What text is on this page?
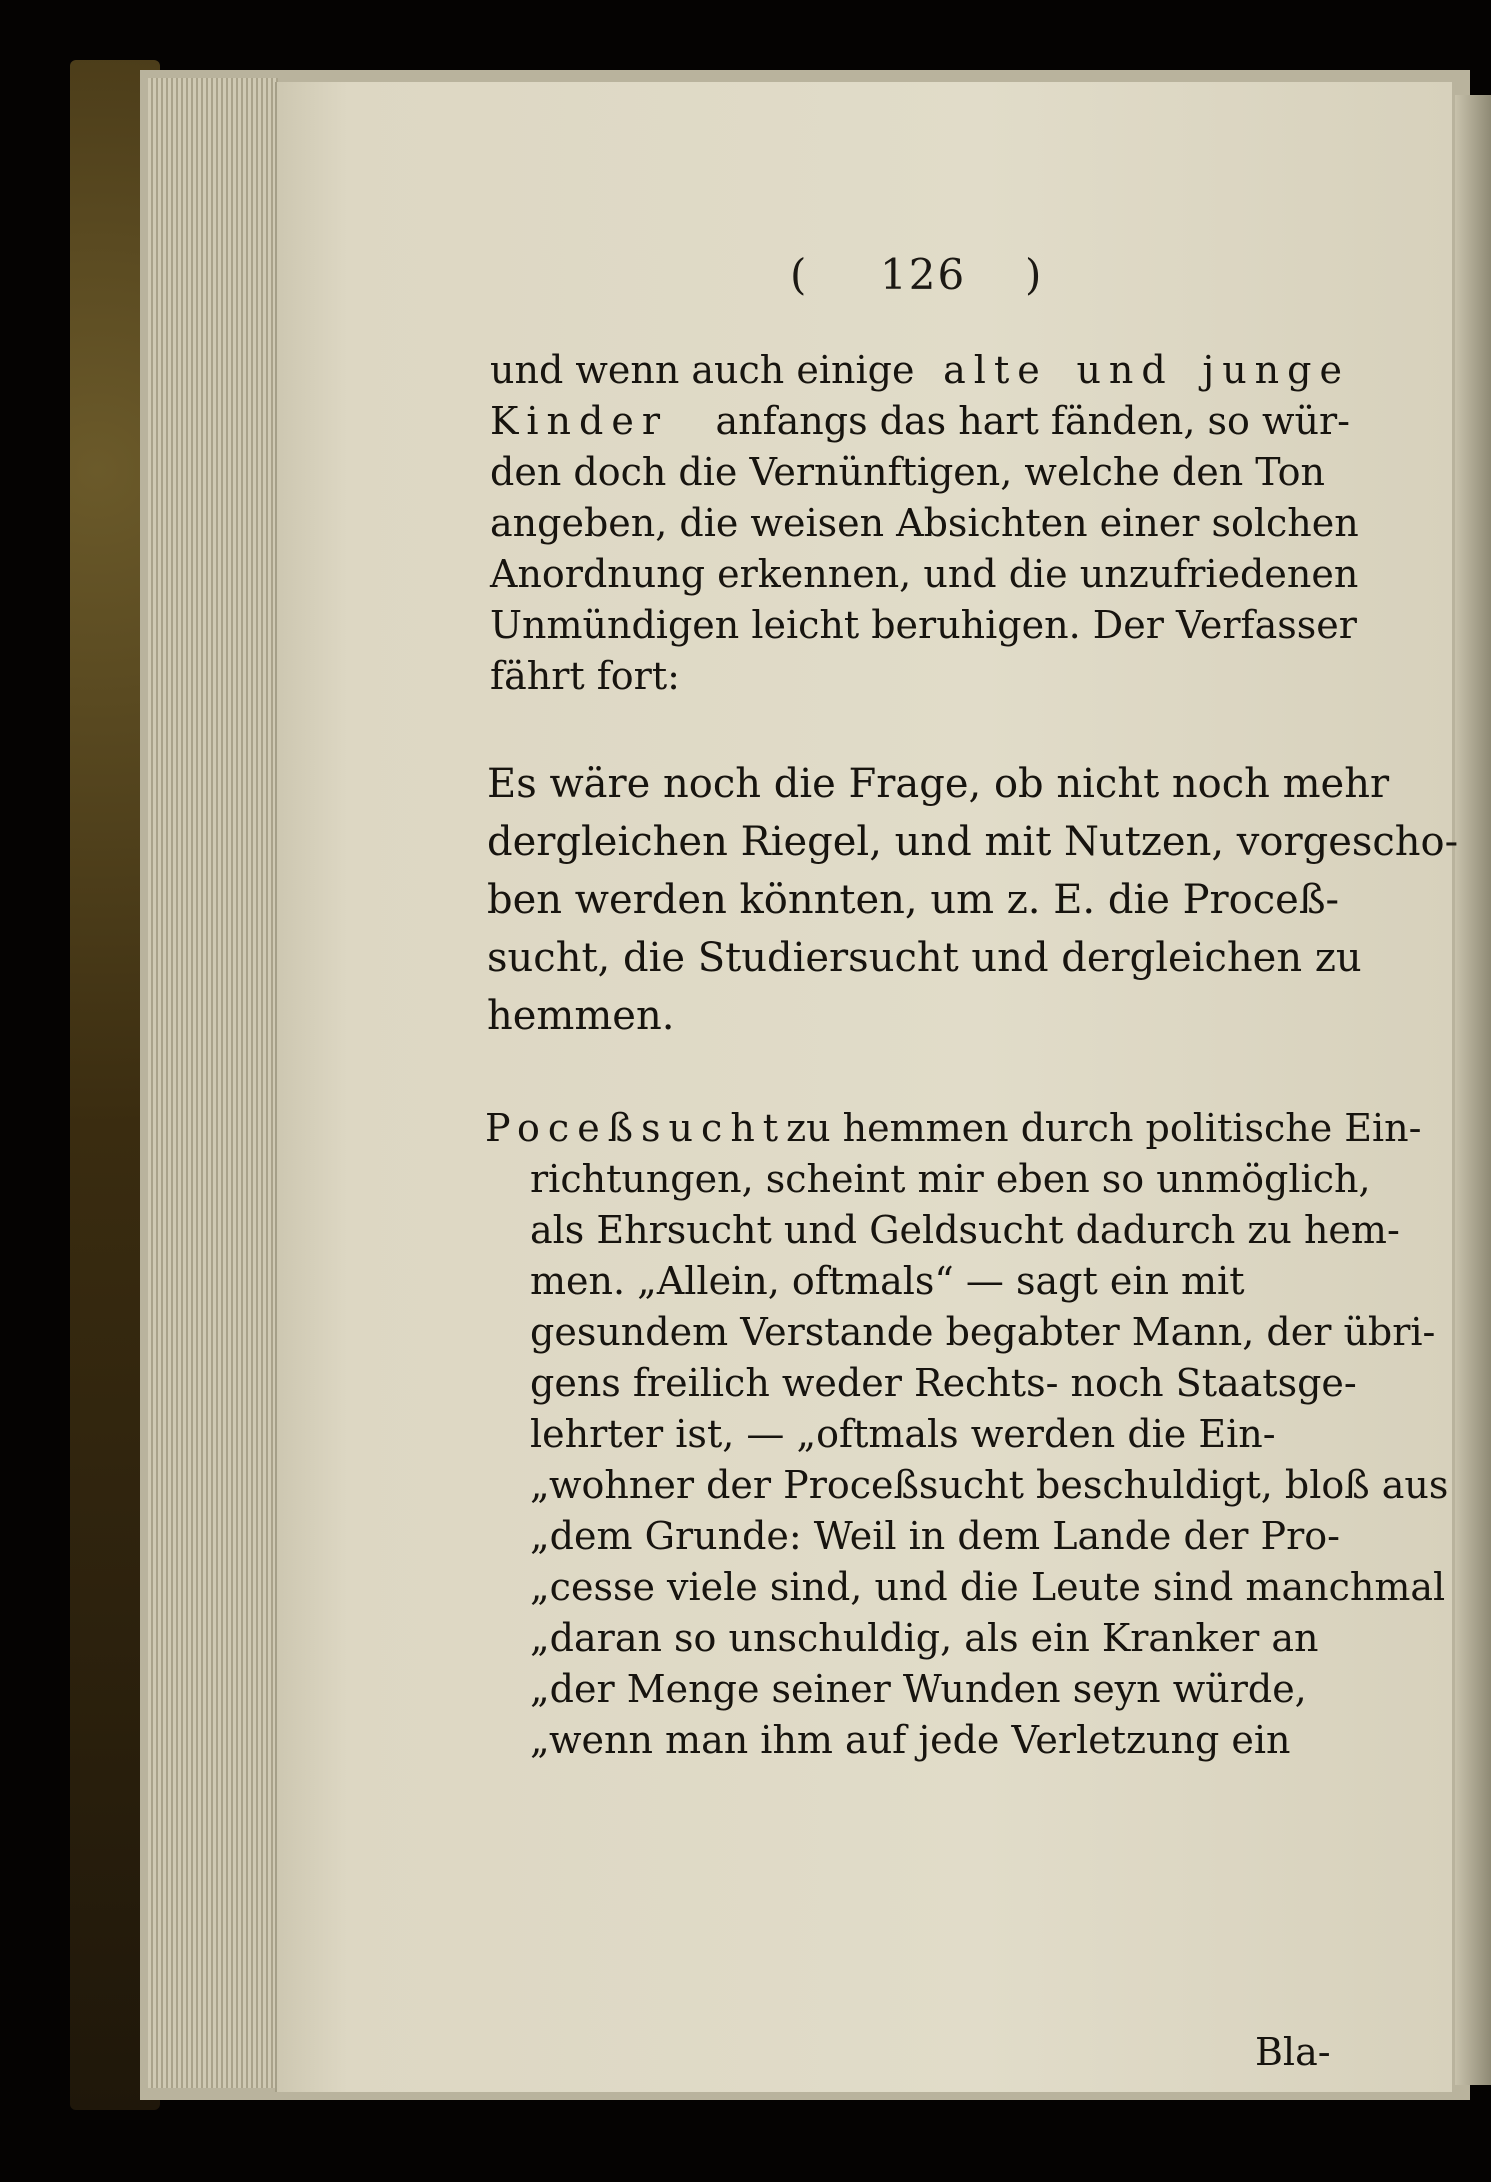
( 126 )
und wenn auch einige alte und junge
Kinder anfangs das hart fänden, so wür-
den doch die Vernünftigen, welche den Ton
angeben, die weisen Absichten einer solchen
Anordnung erkennen, und die unzufriedenen
Unmündigen leicht beruhigen. Der Verfasser
fährt fort:
Es wäre noch die Frage, ob nicht noch mehr
dergleichen Riegel, und mit Nutzen, vorgescho-
ben werden könnten, um z. E. die Proceß-
sucht, die Studiersucht und dergleichen zu
hemmen.
Poceßsucht zu hemmen durch politische Ein-
richtungen, scheint mir eben so unmöglich,
als Ehrsucht und Geldsucht dadurch zu hem-
men. „Allein, oftmals“ — sagt ein mit
gesundem Verstande begabter Mann, der übri-
gens freilich weder Rechts- noch Staatsge-
lehrter ist, — „oftmals werden die Ein-
„wohner der Proceßsucht beschuldigt, bloß aus
„dem Grunde: Weil in dem Lande der Pro-
„cesse viele sind, und die Leute sind manchmal
„daran so unschuldig, als ein Kranker an
„der Menge seiner Wunden seyn würde,
„wenn man ihm auf jede Verletzung ein
Bla-
